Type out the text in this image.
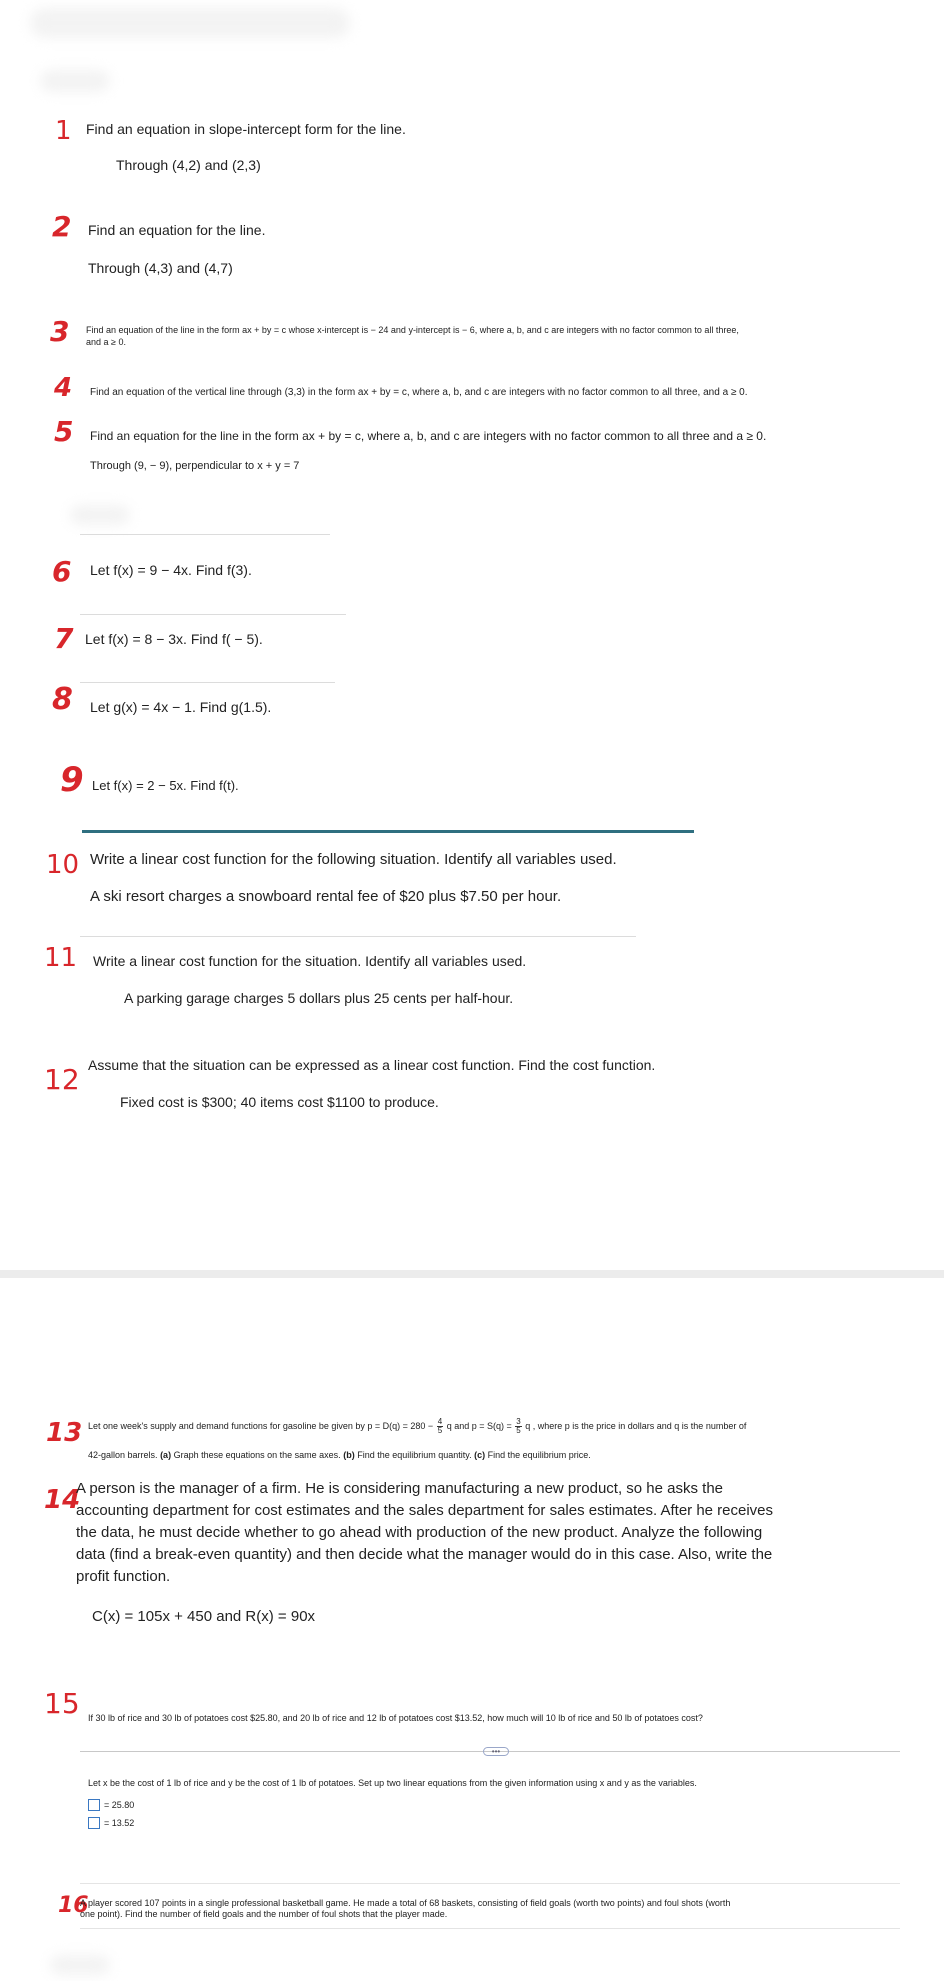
1 Find an equation in slope-intercept form for the line.
Through (4,2) and (2,3)
2 Find an equation for the line.
Through (4,3) and (4,7)
3 Find an equation of the line in the form ax + by = c whose x-intercept is − 24 and y-intercept is − 6, where a, b, and c are integers with no factor common to all three,
and a ≥ 0.
4 Find an equation of the vertical line through (3,3) in the form ax + by = c, where a, b, and c are integers with no factor common to all three, and a ≥ 0.
5 Find an equation for the line in the form ax + by = c, where a, b, and c are integers with no factor common to all three and a ≥ 0.
Through (9, − 9), perpendicular to x + y = 7
6 Let f(x) = 9 − 4x. Find f(3).
7 Let f(x) = 8 − 3x. Find f( − 5).
8 Let g(x) = 4x − 1. Find g(1.5).
9 Let f(x) = 2 − 5x. Find f(t).
10 Write a linear cost function for the following situation. Identify all variables used.
A ski resort charges a snowboard rental fee of $20 plus $7.50 per hour.
11 Write a linear cost function for the situation. Identify all variables used.
A parking garage charges 5 dollars plus 25 cents per half-hour.
12 Assume that the situation can be expressed as a linear cost function. Find the cost function.
Fixed cost is $300; 40 items cost $1100 to produce.
13 Let one week's supply and demand functions for gasoline be given by $p = D(q) = 280 - \frac{4}{5}$ q and $p = S(q) = \frac{3}{5}$ q , where p is the price in dollars and q is the number of
42-gallon barrels. (a) Graph these equations on the same axes. (b) Find the equilibrium quantity. (c) Find the equilibrium price.
14
A person is the manager of a firm. He is considering manufacturing a new product, so he asks the
accounting department for cost estimates and the sales department for sales estimates. After he receives
the data, he must decide whether to go ahead with production of the new product. Analyze the following
data (find a break-even quantity) and then decide what the manager would do in this case. Also, write the
profit function.
C(x) = 105x + 450 and R(x) = 90x
15 If 30 lb of rice and 30 lb of potatoes cost $25.80, and 20 lb of rice and 12 lb of potatoes cost $13.52, how much will 10 lb of rice and 50 lb of potatoes cost?
•••
Let x be the cost of 1 lb of rice and y be the cost of 1 lb of potatoes. Set up two linear equations from the given information using x and y as the variables.
= 25.80
= 13.52
16
A player scored 107 points in a single professional basketball game. He made a total of 68 baskets, consisting of field goals (worth two points) and foul shots (worth
one point). Find the number of field goals and the number of foul shots that the player made.
